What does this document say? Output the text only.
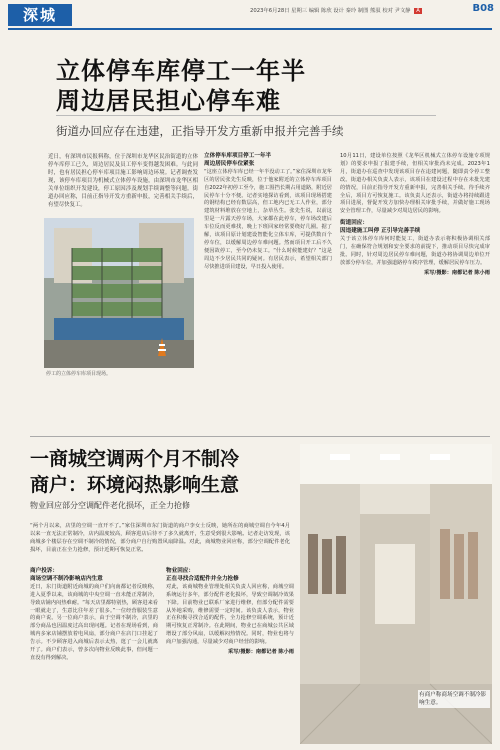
深城	2023年6月28日 星期三 编辑 陈欣 设计 秦玲 制图 熊驭 校对 尹文静 A	B08
立体停车库停工一年半
周边居民担心停车难
街道办回应存在违建，正指导开发方重新申报并完善手续
近日，有深圳市民报料称，位于深圳市龙华区民治街道的立体停车库停工已久，周边居民及员工停车变得越发困难。与此同时，也有居民担心停车库项目施工影响周边环境。记者调查发现，该停车库项目为机械式立体停车设施，由深圳市龙华区相关单位组织开发建设，停工原因涉及规划手续调整等问题。街道办回应称，目前正指导开发方重新申报，完善相关手续后，有望尽快复工。
停工的立体停车库项目现场。
立体停车库项目停工一年半
周边居民停车位紧张
“这座立体停车库已经一年半没动工了。”家住深圳市龙华区的居民张先生反映，位于他家附近的立体停车库项目自2022年初停工至今，施工围挡长期占用道路，附近居民停车十分不便。记者实地探访看到，该项目现场搭建的钢结构已经有数层高，但工地内已无工人作业，部分建筑材料堆放在空地上，杂草丛生。张先生说，以前这里是一片露天停车场，大家都在此停车，停车场改建后车位反而更难找，晚上下班回家经常要绕好几圈。据了解，该项目原计划建设智能化立体车库，可提供数百个停车位，以缓解周边停车难问题。然而项目开工后不久便因故停工，至今仍未复工。“什么时候能建好？”这是周边不少居民共同的疑问。有居民表示，希望相关部门尽快推进项目建设，早日投入使用。
10月11日，建设单位按照《龙华区机械式立体停车设施专项规划》的要求申报了报建手续，但相关审批尚未完成。2023年1月，街道办在巡查中发现该项目存在违建问题，随即责令停工整改。街道办相关负责人表示，该项目在建设过程中存在未批先建的情况，目前正指导开发方重新申报，完善相关手续。待手续齐全后，项目方可恢复施工。该负责人还表示，街道办将持续跟进项目进展，督促开发方加快办理相关审批手续，并做好施工现场安全管理工作，尽量减少对周边居民的影响。
街道回应：
因违建施工叫停 正引导完善手续
关于该立体停车库何时能复工，街道办表示将积极协调相关部门，在确保符合规划和安全要求的前提下，推动项目尽快完成审批。同时，针对周边居民停车难问题，街道办将协调周边单位开放部分停车位，并加强道路停车秩序管理，缓解居民停车压力。
采写/摄影：南都记者 陈小雨
一商城空调两个月不制冷
商户：环境闷热影响生意
物业回应部分空调配件老化损坏，正全力抢修
“两个月以来，店里的空调一直开不了。”家住深圳市东门街道的商户李女士反映，她所在的商城空调自今年4月以来一直无法正常制冷，店内温度较高，顾客进店后待不了多久就离开，生意受到很大影响。记者走访发现，该商城多个楼层存在空调不制冷的情况，部分商户自行购置风扇降温。对此，商城物业回应称，部分空调配件老化损坏，目前正在全力抢修，预计近期可恢复正常。
商户投诉：
商场空调不制冷影响店内生意
近日，东门街道附近商城的商户们向南都记者反映称，进入夏季以来，该商城的中央空调一直未能正常制冷，导致店铺内闷热难耐。“每天店里都特别热，顾客进来看一眼就走了，生意比往年差了很多。”一位经营服装生意的商户说。另一位商户表示，由于空调不制冷，店里的部分商品也因温度过高出现问题。记者在现场看到，商城内多家店铺摆放着电风扇，部分商户在店门口挂起了告示。不少顾客进入商城后表示太热，逛了一会儿就离开了。商户们表示，曾多次向物业反映此事，但问题一直没有得到解决。
物业回应：
正在寻找合适配件并全力抢修
对此，该商城物业管理处相关负责人回应称，商城空调系统运行多年，部分配件老化损坏，导致空调制冷效果下降。目前物业已联系厂家进行维修，但部分配件需要从外地采购，维修需要一定时间。该负责人表示，物业正在积极寻找合适的配件，全力抢修空调系统，预计近期可恢复正常制冷。在此期间，物业已在商城公共区域增设了部分风扇，以缓解闷热情况。同时，物业也将与商户加强沟通，尽量减少对商户经营的影响。
采写/摄影：南都记者 陈小雨
有商户称商场空调不制冷影响生意。
